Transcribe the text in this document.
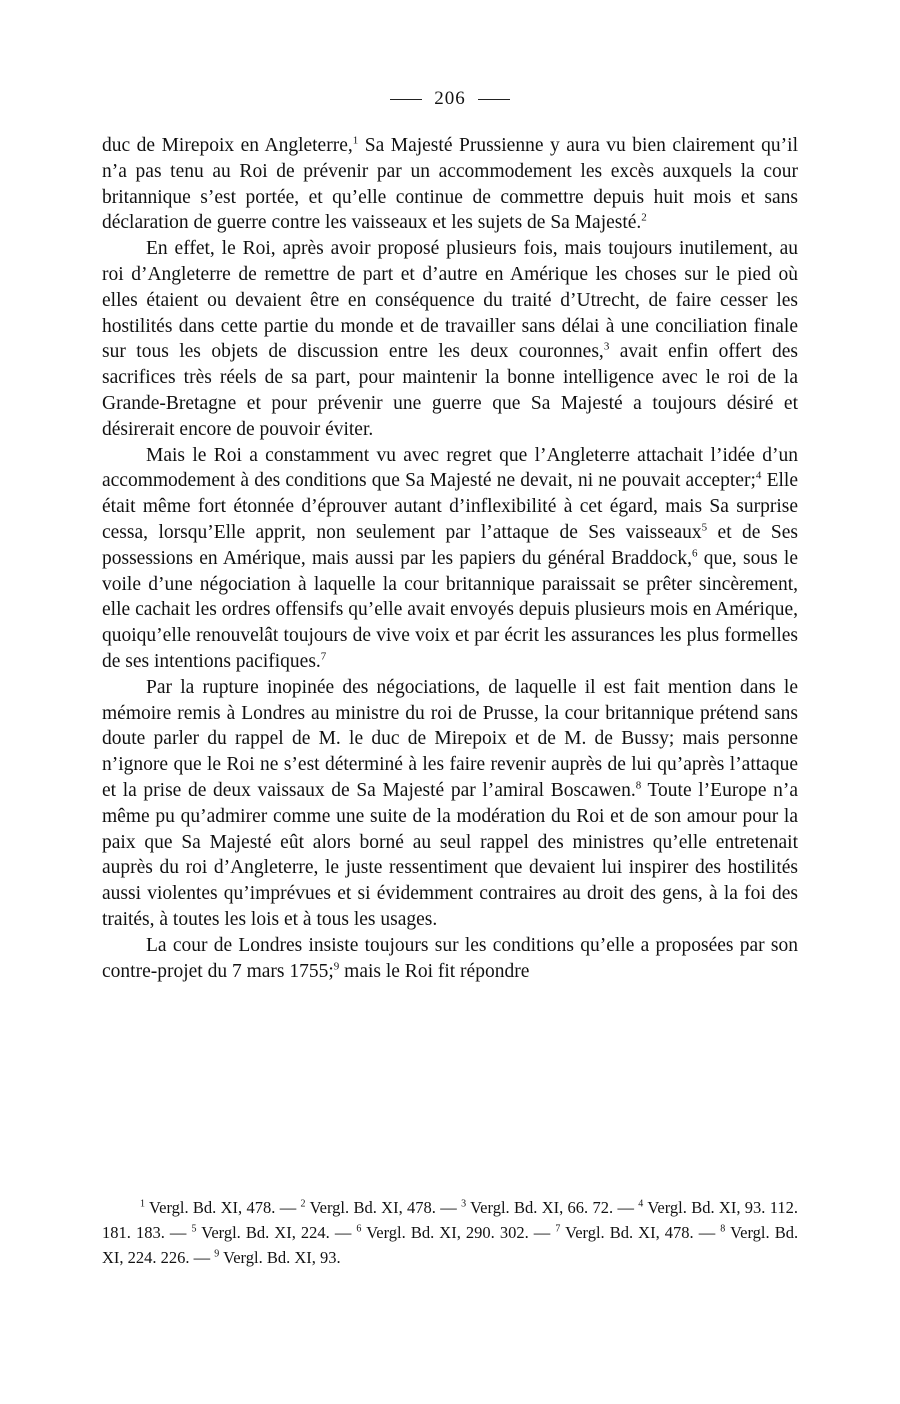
206

duc de Mirepoix en Angleterre,$^1$ Sa Majesté Prussienne y aura vu bien clairement qu’il n’a pas tenu au Roi de prévenir par un accommodement les excès auxquels la cour britannique s’est portée, et qu’elle continue de commettre depuis huit mois et sans déclaration de guerre contre les vaisseaux et les sujets de Sa Majesté.$^2$

En effet, le Roi, après avoir proposé plusieurs fois, mais toujours inutilement, au roi d’Angleterre de remettre de part et d’autre en Amérique les choses sur le pied où elles étaient ou devaient être en conséquence du traité d’Utrecht, de faire cesser les hostilités dans cette partie du monde et de travailler sans délai à une conciliation finale sur tous les objets de discussion entre les deux couronnes,$^3$ avait enfin offert des sacrifices très réels de sa part, pour maintenir la bonne intelligence avec le roi de la Grande-Bretagne et pour prévenir une guerre que Sa Majesté a toujours désiré et désirerait encore de pouvoir éviter.

Mais le Roi a constamment vu avec regret que l’Angleterre attachait l’idée d’un accommodement à des conditions que Sa Majesté ne devait, ni ne pouvait accepter;$^4$ Elle était même fort étonnée d’éprouver autant d’inflexibilité à cet égard, mais Sa surprise cessa, lorsqu’Elle apprit, non seulement par l’attaque de Ses vaisseaux$^5$ et de Ses possessions en Amérique, mais aussi par les papiers du général Braddock,$^6$ que, sous le voile d’une négociation à laquelle la cour britannique paraissait se prêter sincèrement, elle cachait les ordres offensifs qu’elle avait envoyés depuis plusieurs mois en Amérique, quoiqu’elle renouvelât toujours de vive voix et par écrit les assurances les plus formelles de ses intentions pacifiques.$^7$

Par la rupture inopinée des négociations, de laquelle il est fait mention dans le mémoire remis à Londres au ministre du roi de Prusse, la cour britannique prétend sans doute parler du rappel de M. le duc de Mirepoix et de M. de Bussy; mais personne n’ignore que le Roi ne s’est déterminé à les faire revenir auprès de lui qu’après l’attaque et la prise de deux vaissaux de Sa Majesté par l’amiral Boscawen.$^8$ Toute l’Europe n’a même pu qu’admirer comme une suite de la modération du Roi et de son amour pour la paix que Sa Majesté eût alors borné au seul rappel des ministres qu’elle entretenait auprès du roi d’Angleterre, le juste ressentiment que devaient lui inspirer des hostilités aussi violentes qu’imprévues et si évidemment contraires au droit des gens, à la foi des traités, à toutes les lois et à tous les usages.

La cour de Londres insiste toujours sur les conditions qu’elle a proposées par son contre-projet du 7 mars 1755;$^9$ mais le Roi fit répondre

$^1$ Vergl. Bd. XI, 478. — $^2$ Vergl. Bd. XI, 478. — $^3$ Vergl. Bd. XI, 66. 72. — $^4$ Vergl. Bd. XI, 93. 112. 181. 183. — $^5$ Vergl. Bd. XI, 224. — $^6$ Vergl. Bd. XI, 290. 302. — $^7$ Vergl. Bd. XI, 478. — $^8$ Vergl. Bd. XI, 224. 226. — $^9$ Vergl. Bd. XI, 93.
